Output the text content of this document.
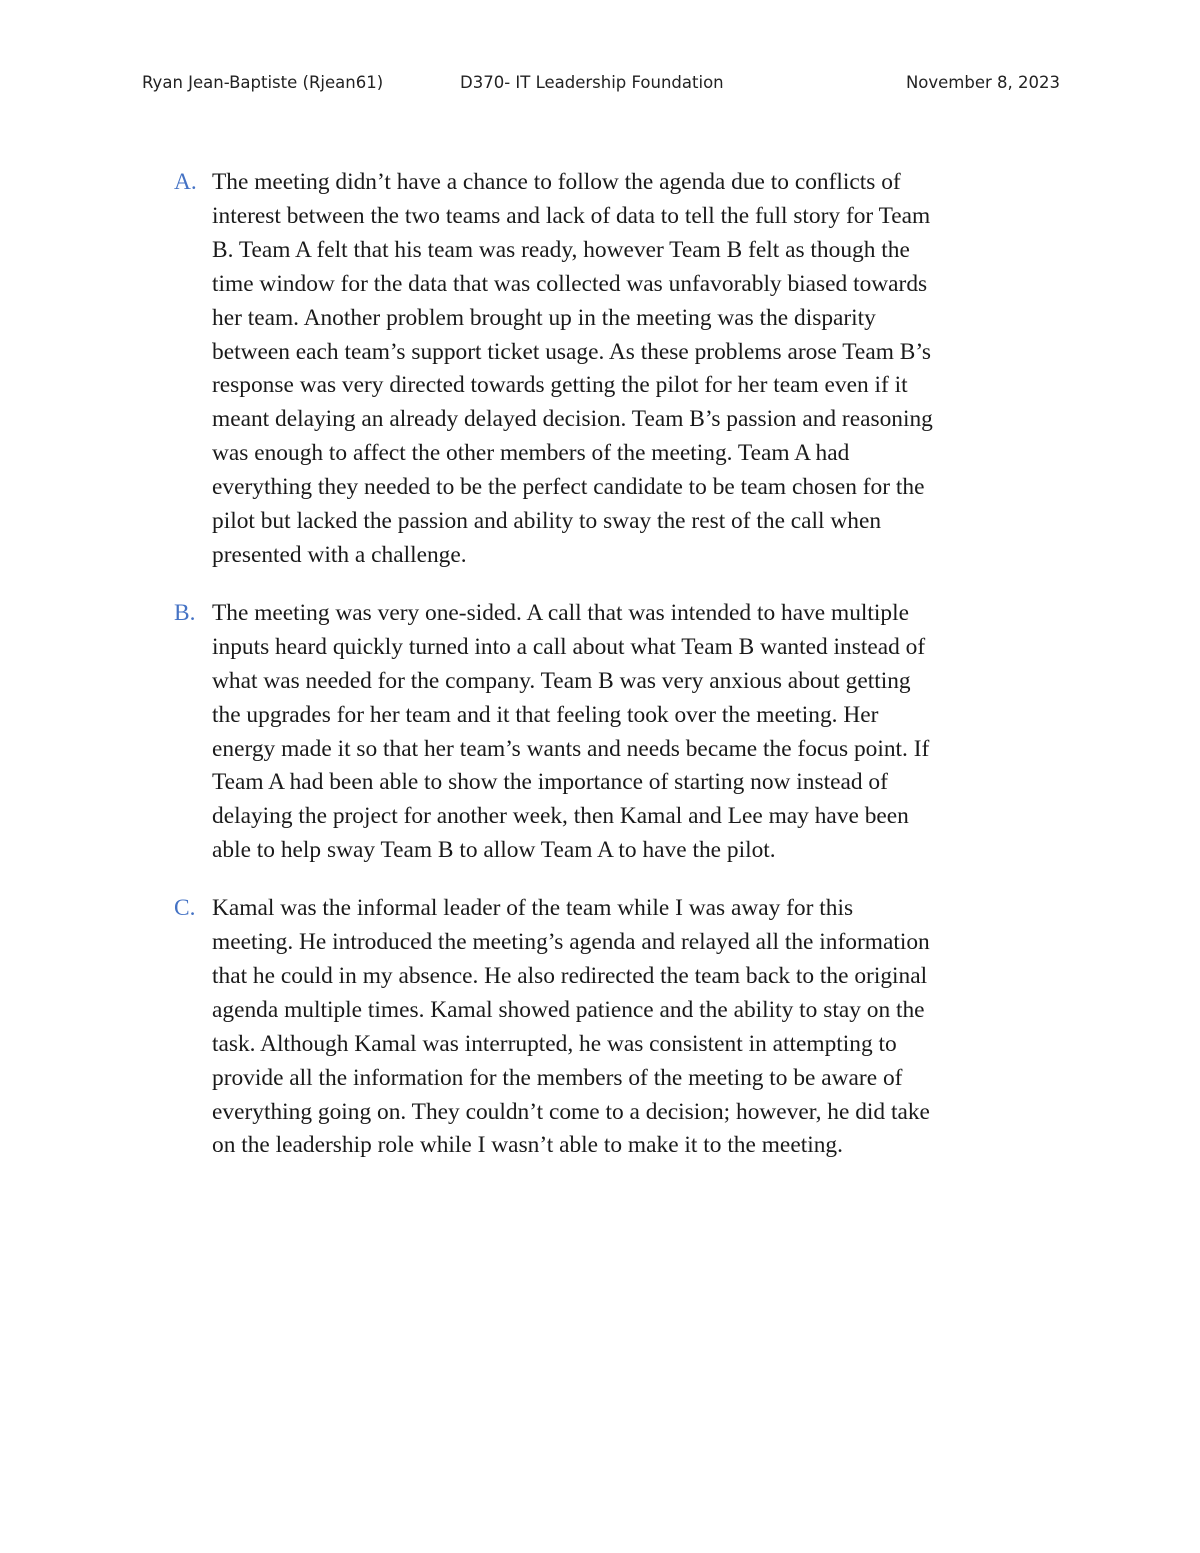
Ryan Jean-Baptiste (Rjean61)	D370- IT Leadership Foundation	November 8, 2023
A. The meeting didn’t have a chance to follow the agenda due to conflicts of
interest between the two teams and lack of data to tell the full story for Team
B. Team A felt that his team was ready, however Team B felt as though the
time window for the data that was collected was unfavorably biased towards
her team. Another problem brought up in the meeting was the disparity
between each team’s support ticket usage. As these problems arose Team B’s
response was very directed towards getting the pilot for her team even if it
meant delaying an already delayed decision. Team B’s passion and reasoning
was enough to affect the other members of the meeting. Team A had
everything they needed to be the perfect candidate to be team chosen for the
pilot but lacked the passion and ability to sway the rest of the call when
presented with a challenge.
B. The meeting was very one-sided. A call that was intended to have multiple
inputs heard quickly turned into a call about what Team B wanted instead of
what was needed for the company. Team B was very anxious about getting
the upgrades for her team and it that feeling took over the meeting. Her
energy made it so that her team’s wants and needs became the focus point. If
Team A had been able to show the importance of starting now instead of
delaying the project for another week, then Kamal and Lee may have been
able to help sway Team B to allow Team A to have the pilot.
C. Kamal was the informal leader of the team while I was away for this
meeting. He introduced the meeting’s agenda and relayed all the information
that he could in my absence. He also redirected the team back to the original
agenda multiple times. Kamal showed patience and the ability to stay on the
task. Although Kamal was interrupted, he was consistent in attempting to
provide all the information for the members of the meeting to be aware of
everything going on. They couldn’t come to a decision; however, he did take
on the leadership role while I wasn’t able to make it to the meeting.
